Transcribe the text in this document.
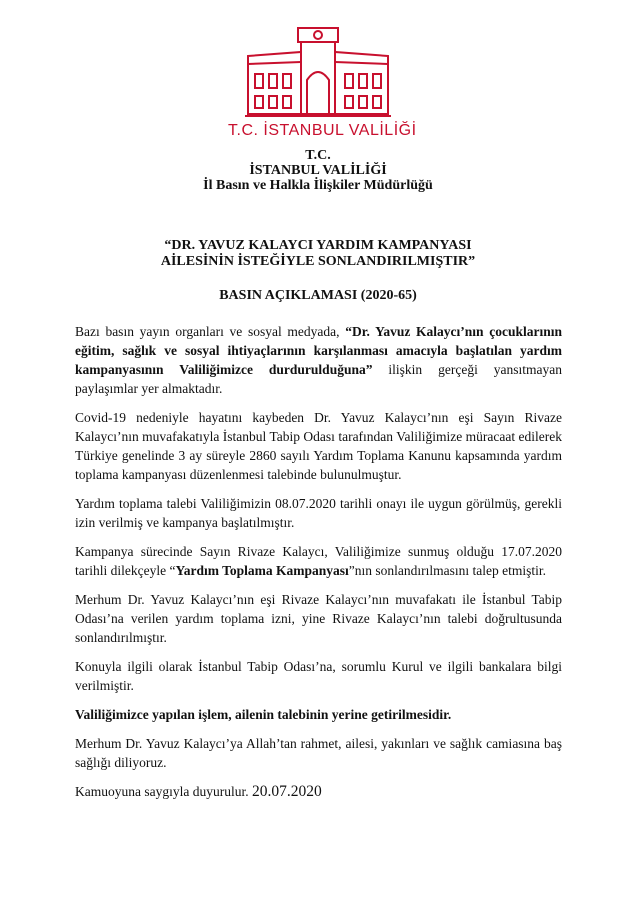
T.C. İSTANBUL VALİLİĞİ
T.C.
İSTANBUL VALİLİĞİ
İl Basın ve Halkla İlişkiler Müdürlüğü
“DR. YAVUZ KALAYCI YARDIM KAMPANYASI
AİLESİNİN İSTEĞİYLE SONLANDIRILMIŞTIR”
BASIN AÇIKLAMASI (2020-65)

Bazı basın yayın organları ve sosyal medyada, “Dr. Yavuz Kalaycı’nın çocuklarının eğitim, sağlık ve sosyal ihtiyaçlarının karşılanması amacıyla başlatılan yardım kampanyasının Valiliğimizce durdurulduğuna” ilişkin gerçeği yansıtmayan paylaşımlar yer almaktadır.

Covid-19 nedeniyle hayatını kaybeden Dr. Yavuz Kalaycı’nın eşi Sayın Rivaze Kalaycı’nın muvafakatıyla İstanbul Tabip Odası tarafından Valiliğimize müracaat edilerek Türkiye genelinde 3 ay süreyle 2860 sayılı Yardım Toplama Kanunu kapsamında yardım toplama kampanyası düzenlenmesi talebinde bulunulmuştur.

Yardım toplama talebi Valiliğimizin 08.07.2020 tarihli onayı ile uygun görülmüş, gerekli izin verilmiş ve kampanya başlatılmıştır.

Kampanya sürecinde Sayın Rivaze Kalaycı, Valiliğimize sunmuş olduğu 17.07.2020 tarihli dilekçeyle “Yardım Toplama Kampanyası”nın sonlandırılmasını talep etmiştir.

Merhum Dr. Yavuz Kalaycı’nın eşi Rivaze Kalaycı’nın muvafakatı ile İstanbul Tabip Odası’na verilen yardım toplama izni, yine Rivaze Kalaycı’nın talebi doğrultusunda sonlandırılmıştır.

Konuyla ilgili olarak İstanbul Tabip Odası’na, sorumlu Kurul ve ilgili bankalara bilgi verilmiştir.

Valiliğimizce yapılan işlem, ailenin talebinin yerine getirilmesidir.

Merhum Dr. Yavuz Kalaycı’ya Allah’tan rahmet, ailesi, yakınları ve sağlık camiasına baş sağlığı diliyoruz.

Kamuoyuna saygıyla duyurulur. 20.07.2020
